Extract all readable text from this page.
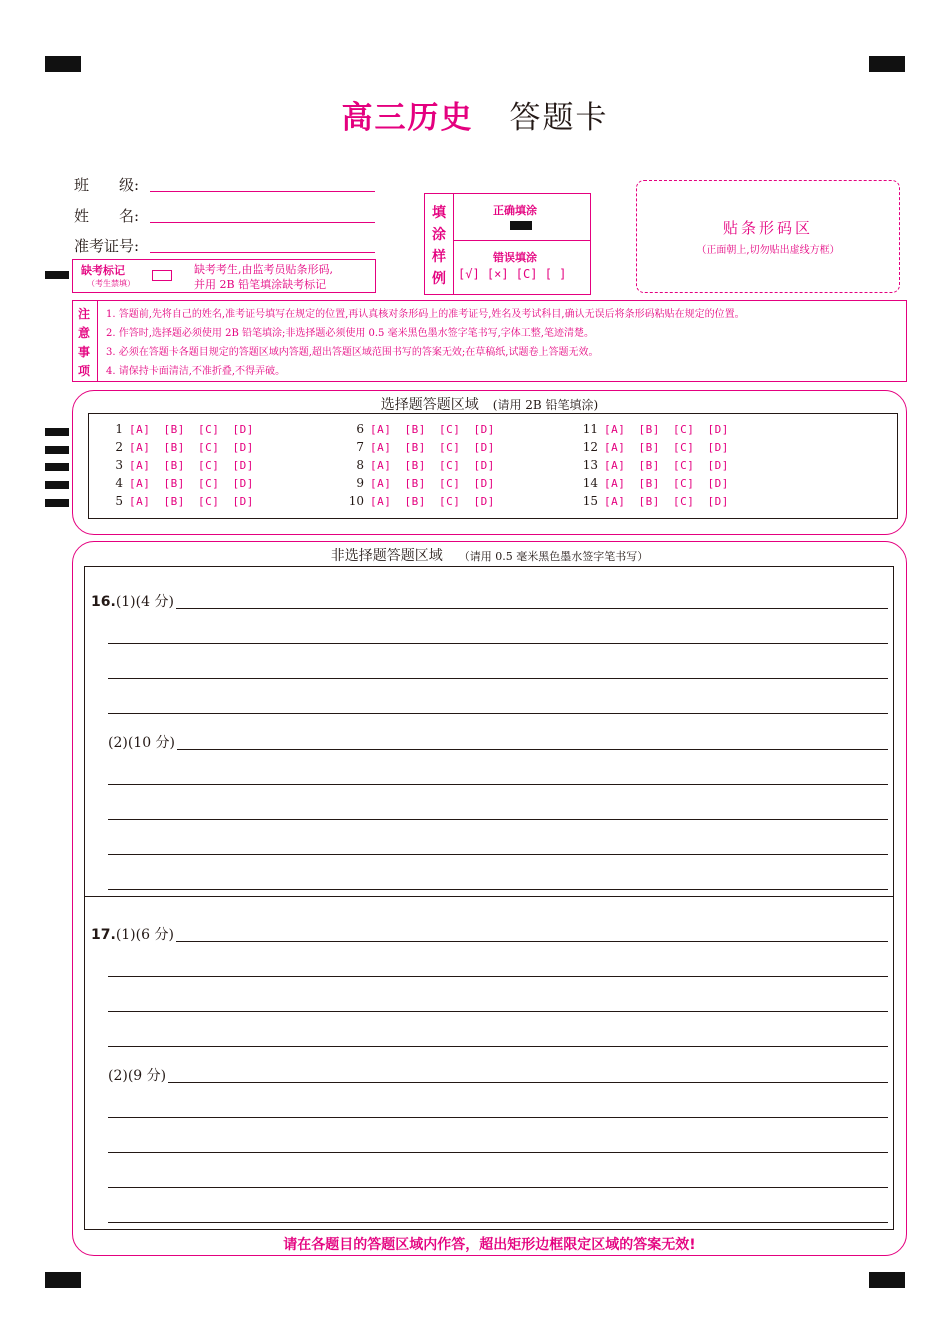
高三历史 答题卡
班　　级:
姓　　名:
准考证号:
缺考标记
（考生禁填）
缺考考生,由监考员贴条形码,
并用 2B 铅笔填涂缺考标记
填
涂
样
例
正确填涂
错误填涂
[√] [×] [C] [ ]
贴条形码区
（正面朝上,切勿贴出虚线方框）
注
意
事
项
1. 答题前,先将自己的姓名,准考证号填写在规定的位置,再认真核对条形码上的准考证号,姓名及考试科目,确认无误后将条形码粘贴在规定的位置。
2. 作答时,选择题必须使用 2B 铅笔填涂;非选择题必须使用 0.5 毫米黑色墨水签字笔书写,字体工整,笔迹清楚。
3. 必须在答题卡各题目规定的答题区域内答题,超出答题区域范围书写的答案无效;在草稿纸,试题卷上答题无效。
4. 请保持卡面清洁,不准折叠,不得弄破。
选择题答题区域 (请用 2B 铅笔填涂)
1 [A] [B] [C] [D]
2 [A] [B] [C] [D]
3 [A] [B] [C] [D]
4 [A] [B] [C] [D]
5 [A] [B] [C] [D]
6 [A] [B] [C] [D]
7 [A] [B] [C] [D]
8 [A] [B] [C] [D]
9 [A] [B] [C] [D]
10 [A] [B] [C] [D]
11 [A] [B] [C] [D]
12 [A] [B] [C] [D]
13 [A] [B] [C] [D]
14 [A] [B] [C] [D]
15 [A] [B] [C] [D]
非选择题答题区域 （请用 0.5 毫米黑色墨水签字笔书写）
16.(1)(4 分)
(2)(10 分)
17.(1)(6 分)
(2)(9 分)
请在各题目的答题区域内作答，超出矩形边框限定区域的答案无效!
